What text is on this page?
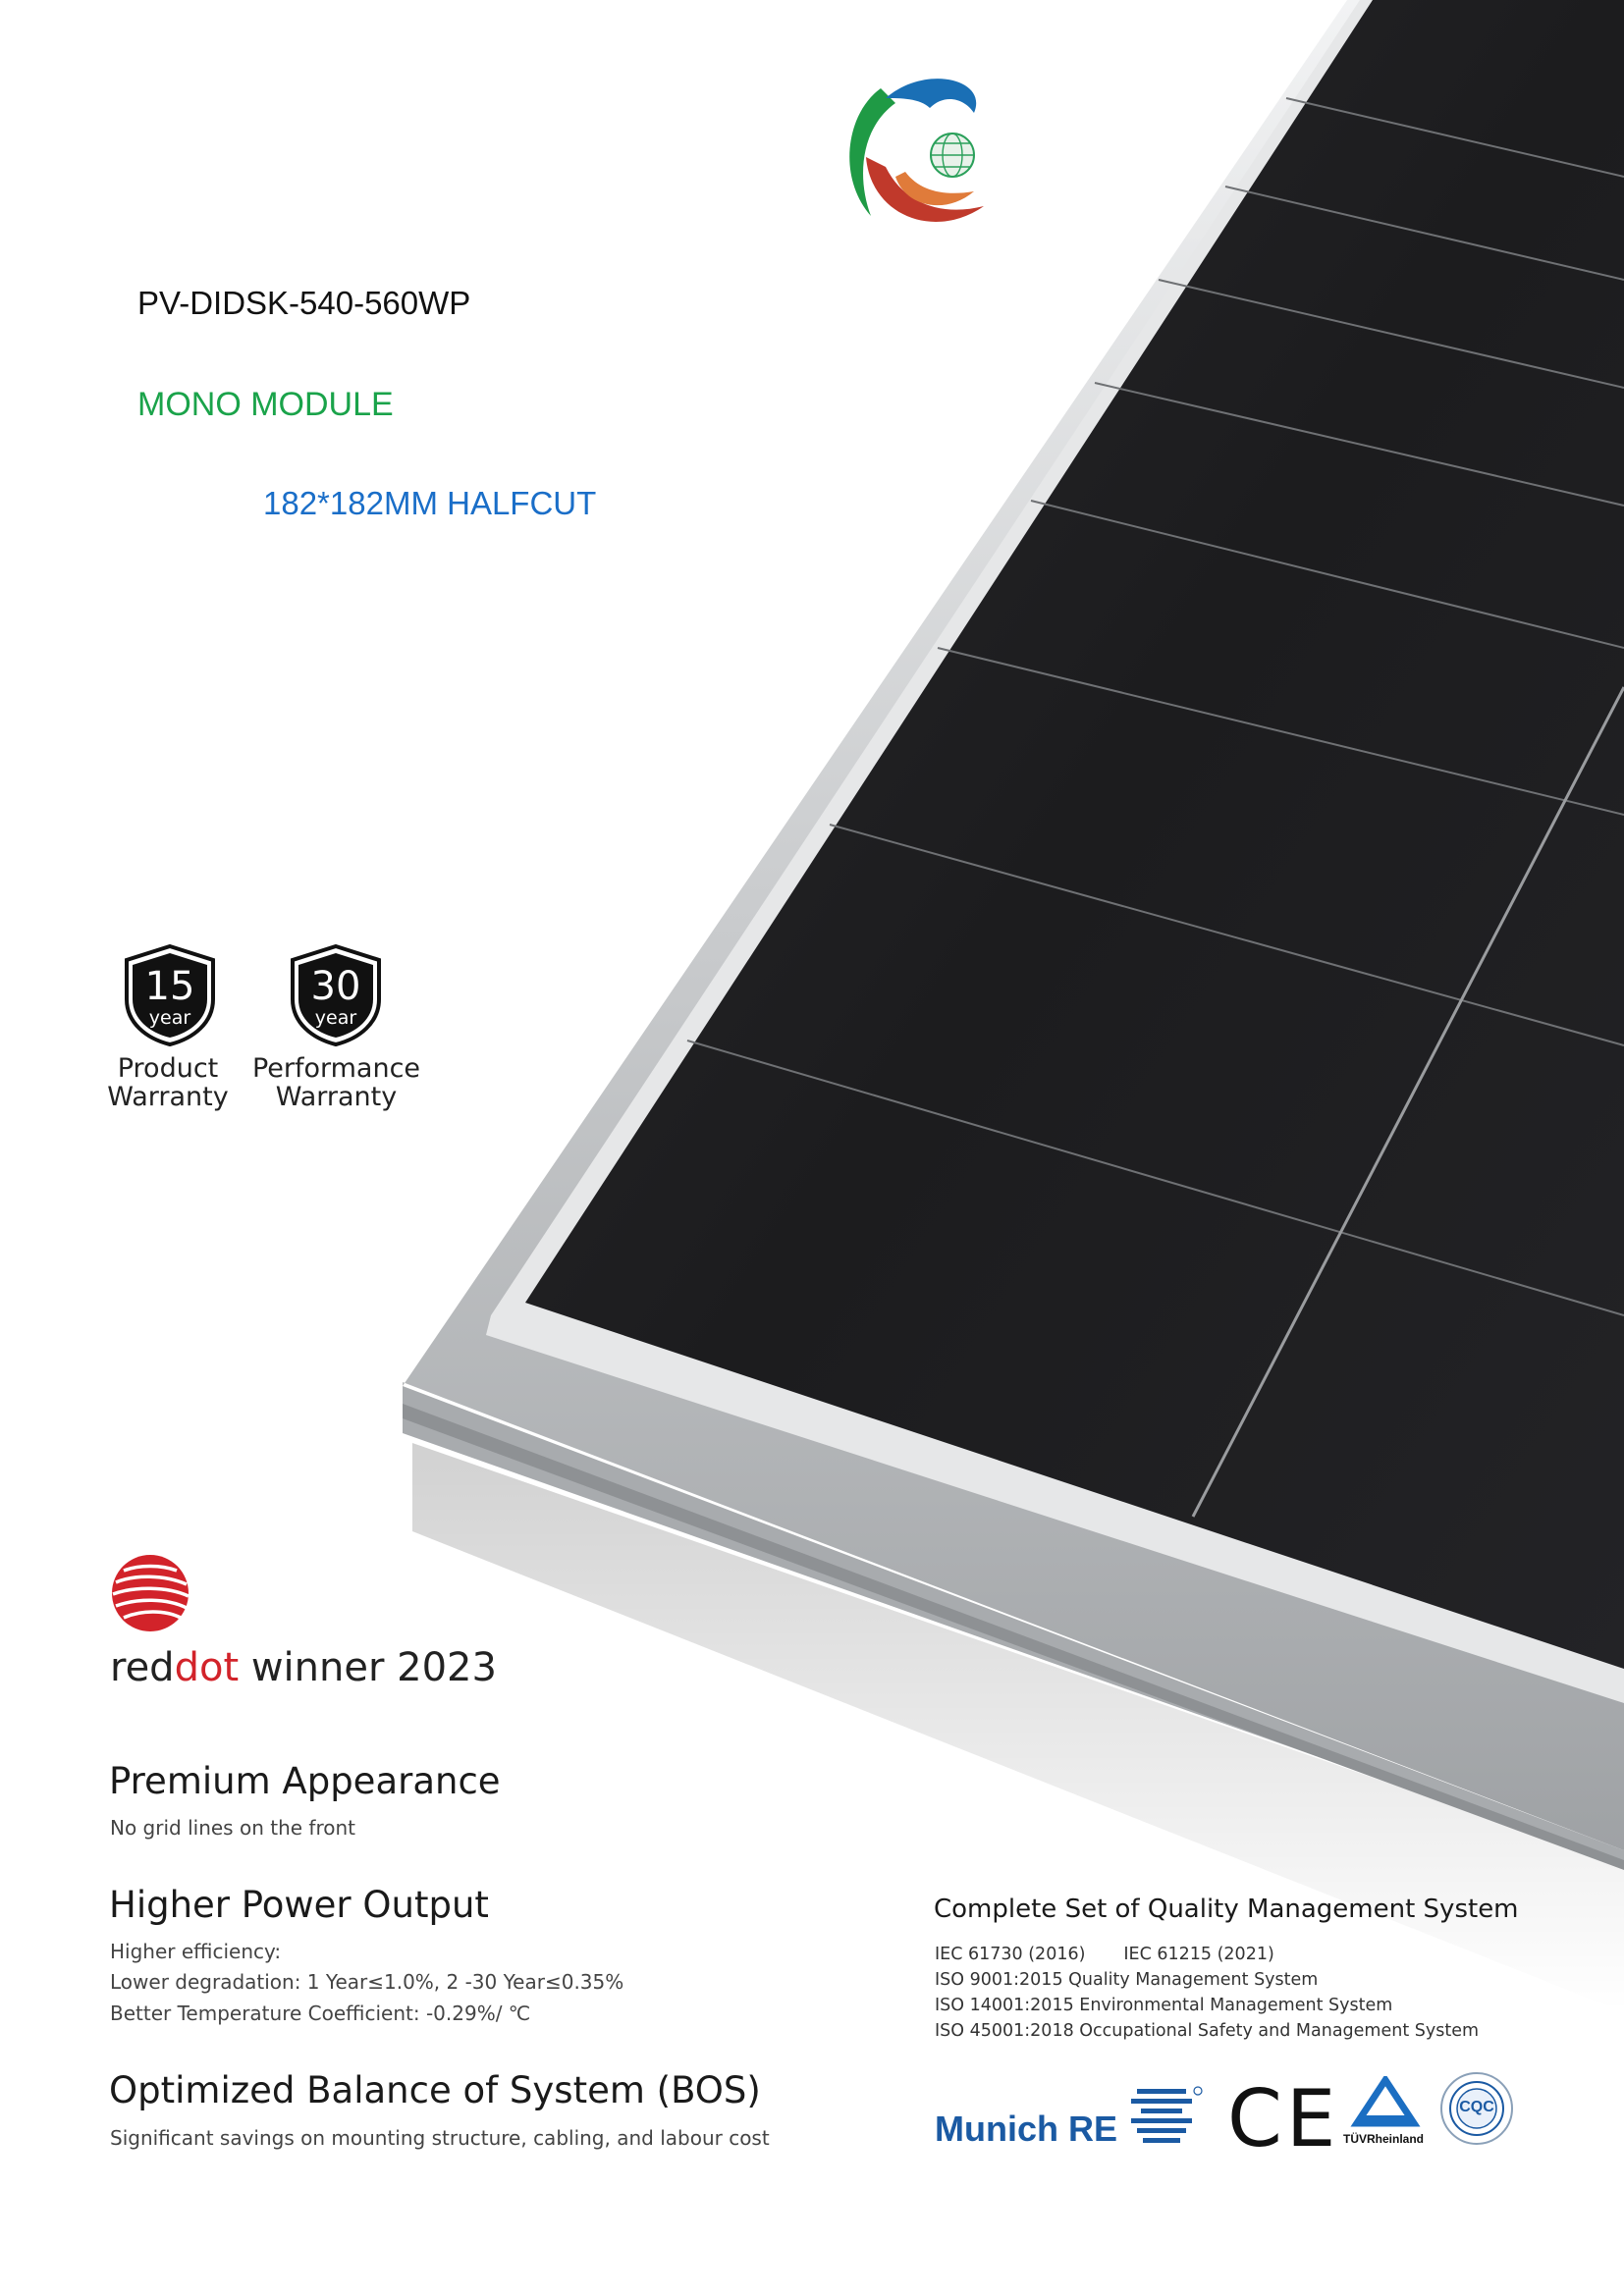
PV-DIDSK-540-560WP
MONO MODULE
182*182MM HALFCUT
15
year
Product
Warranty
30
year
Performance
Warranty
reddot winner 2023
Premium Appearance
No grid lines on the front
Higher Power Output
Higher efficiency:
Lower degradation: 1 Year≤1.0%, 2 -30 Year≤0.35%
Better Temperature Coefficient: -0.29%/ ℃
Optimized Balance of System (BOS)
Significant savings on mounting structure, cabling, and labour cost
Complete Set of Quality Management System
IEC 61730 (2016)       IEC 61215 (2021)
ISO 9001:2015 Quality Management System
ISO 14001:2015 Environmental Management System
ISO 45001:2018 Occupational Safety and Management System
Munich RE CE TÜVRheinland
CQC
